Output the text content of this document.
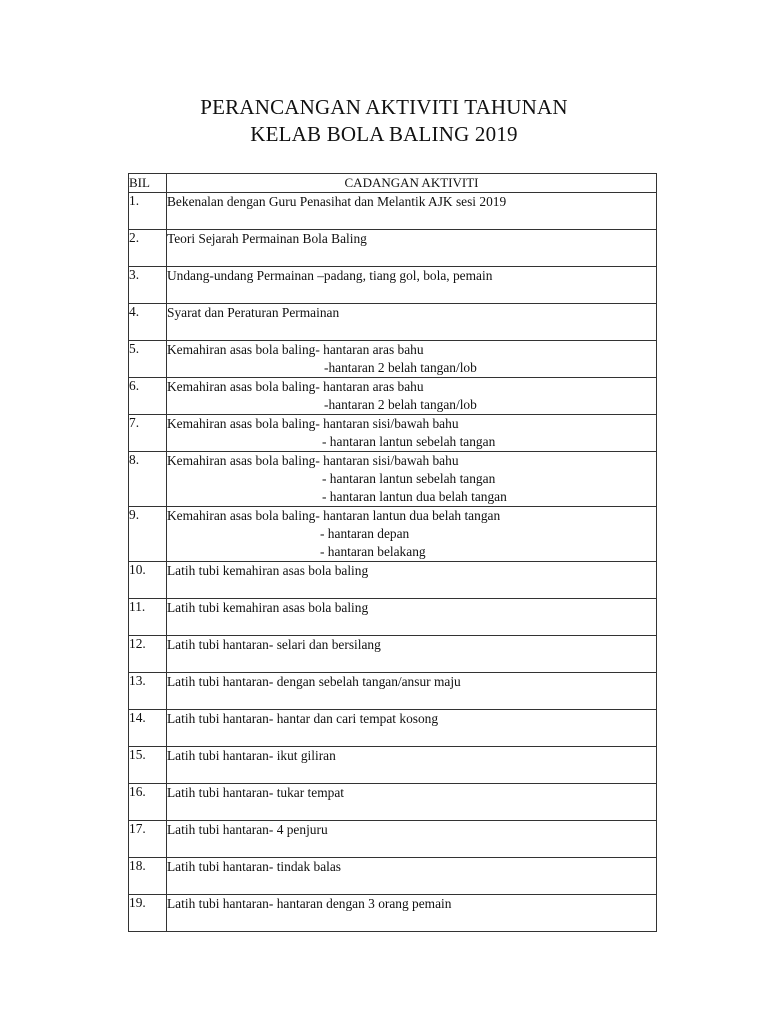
PERANCANGAN AKTIVITI TAHUNAN
KELAB BOLA BALING 2019
BIL	CADANGAN AKTIVITI
1.	Bekenalan dengan Guru Penasihat dan Melantik AJK sesi 2019

2.	Teori Sejarah Permainan Bola Baling

3.	Undang-undang Permainan –padang, tiang gol, bola, pemain

4.	Syarat dan Peraturan Permainan

5.	Kemahiran asas bola baling- hantaran aras bahu
-hantaran 2 belah tangan/lob

6.	Kemahiran asas bola baling- hantaran aras bahu
-hantaran 2 belah tangan/lob

7.	Kemahiran asas bola baling- hantaran sisi/bawah bahu
- hantaran lantun sebelah tangan

8.	Kemahiran asas bola baling- hantaran sisi/bawah bahu
- hantaran lantun sebelah tangan
- hantaran lantun dua belah tangan

9.	Kemahiran asas bola baling- hantaran lantun dua belah tangan
- hantaran depan
- hantaran belakang

10.	Latih tubi kemahiran asas bola baling

11.	Latih tubi kemahiran asas bola baling

12.	Latih tubi hantaran- selari dan bersilang

13.	Latih tubi hantaran- dengan sebelah tangan/ansur maju

14.	Latih tubi hantaran- hantar dan cari tempat kosong

15.	Latih tubi hantaran- ikut giliran

16.	Latih tubi hantaran- tukar tempat

17.	Latih tubi hantaran- 4 penjuru

18.	Latih tubi hantaran- tindak balas

19.	Latih tubi hantaran- hantaran dengan 3 orang pemain
